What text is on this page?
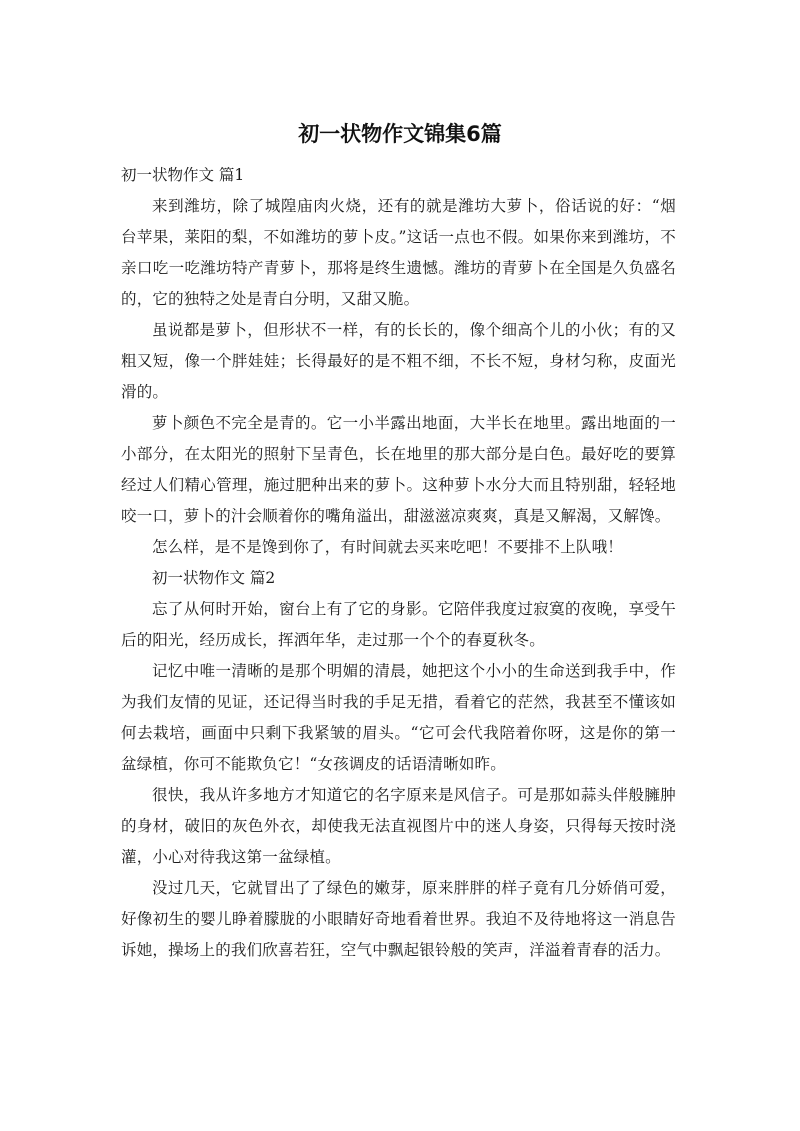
初一状物作文锦集6篇
初一状物作文 篇1

来到潍坊，除了城隍庙肉火烧，还有的就是潍坊大萝卜，俗话说的好：“烟台苹果，莱阳的梨，不如潍坊的萝卜皮。”这话一点也不假。如果你来到潍坊，不亲口吃一吃潍坊特产青萝卜，那将是终生遗憾。潍坊的青萝卜在全国是久负盛名的，它的独特之处是青白分明，又甜又脆。

虽说都是萝卜，但形状不一样，有的长长的，像个细高个儿的小伙；有的又粗又短，像一个胖娃娃；长得最好的是不粗不细，不长不短，身材匀称，皮面光滑的。

萝卜颜色不完全是青的。它一小半露出地面，大半长在地里。露出地面的一小部分，在太阳光的照射下呈青色，长在地里的那大部分是白色。最好吃的要算经过人们精心管理，施过肥种出来的萝卜。这种萝卜水分大而且特别甜，轻轻地咬一口，萝卜的汁会顺着你的嘴角溢出，甜滋滋凉爽爽，真是又解渴，又解馋。

怎么样，是不是馋到你了，有时间就去买来吃吧！不要排不上队哦！

初一状物作文 篇2

忘了从何时开始，窗台上有了它的身影。它陪伴我度过寂寞的夜晚，享受午后的阳光，经历成长，挥洒年华，走过那一个个的春夏秋冬。

记忆中唯一清晰的是那个明媚的清晨，她把这个小小的生命送到我手中，作为我们友情的见证，还记得当时我的手足无措，看着它的茫然，我甚至不懂该如何去栽培，画面中只剩下我紧皱的眉头。“它可会代我陪着你呀，这是你的第一盆绿植，你可不能欺负它！“女孩调皮的话语清晰如昨。

很快，我从许多地方才知道它的名字原来是风信子。可是那如蒜头伴般臃肿的身材，破旧的灰色外衣，却使我无法直视图片中的迷人身姿，只得每天按时浇灌，小心对待我这第一盆绿植。

没过几天，它就冒出了了绿色的嫩芽，原来胖胖的样子竟有几分娇俏可爱，好像初生的婴儿睁着朦胧的小眼睛好奇地看着世界。我迫不及待地将这一消息告诉她，操场上的我们欣喜若狂，空气中飘起银铃般的笑声，洋溢着青春的活力。
